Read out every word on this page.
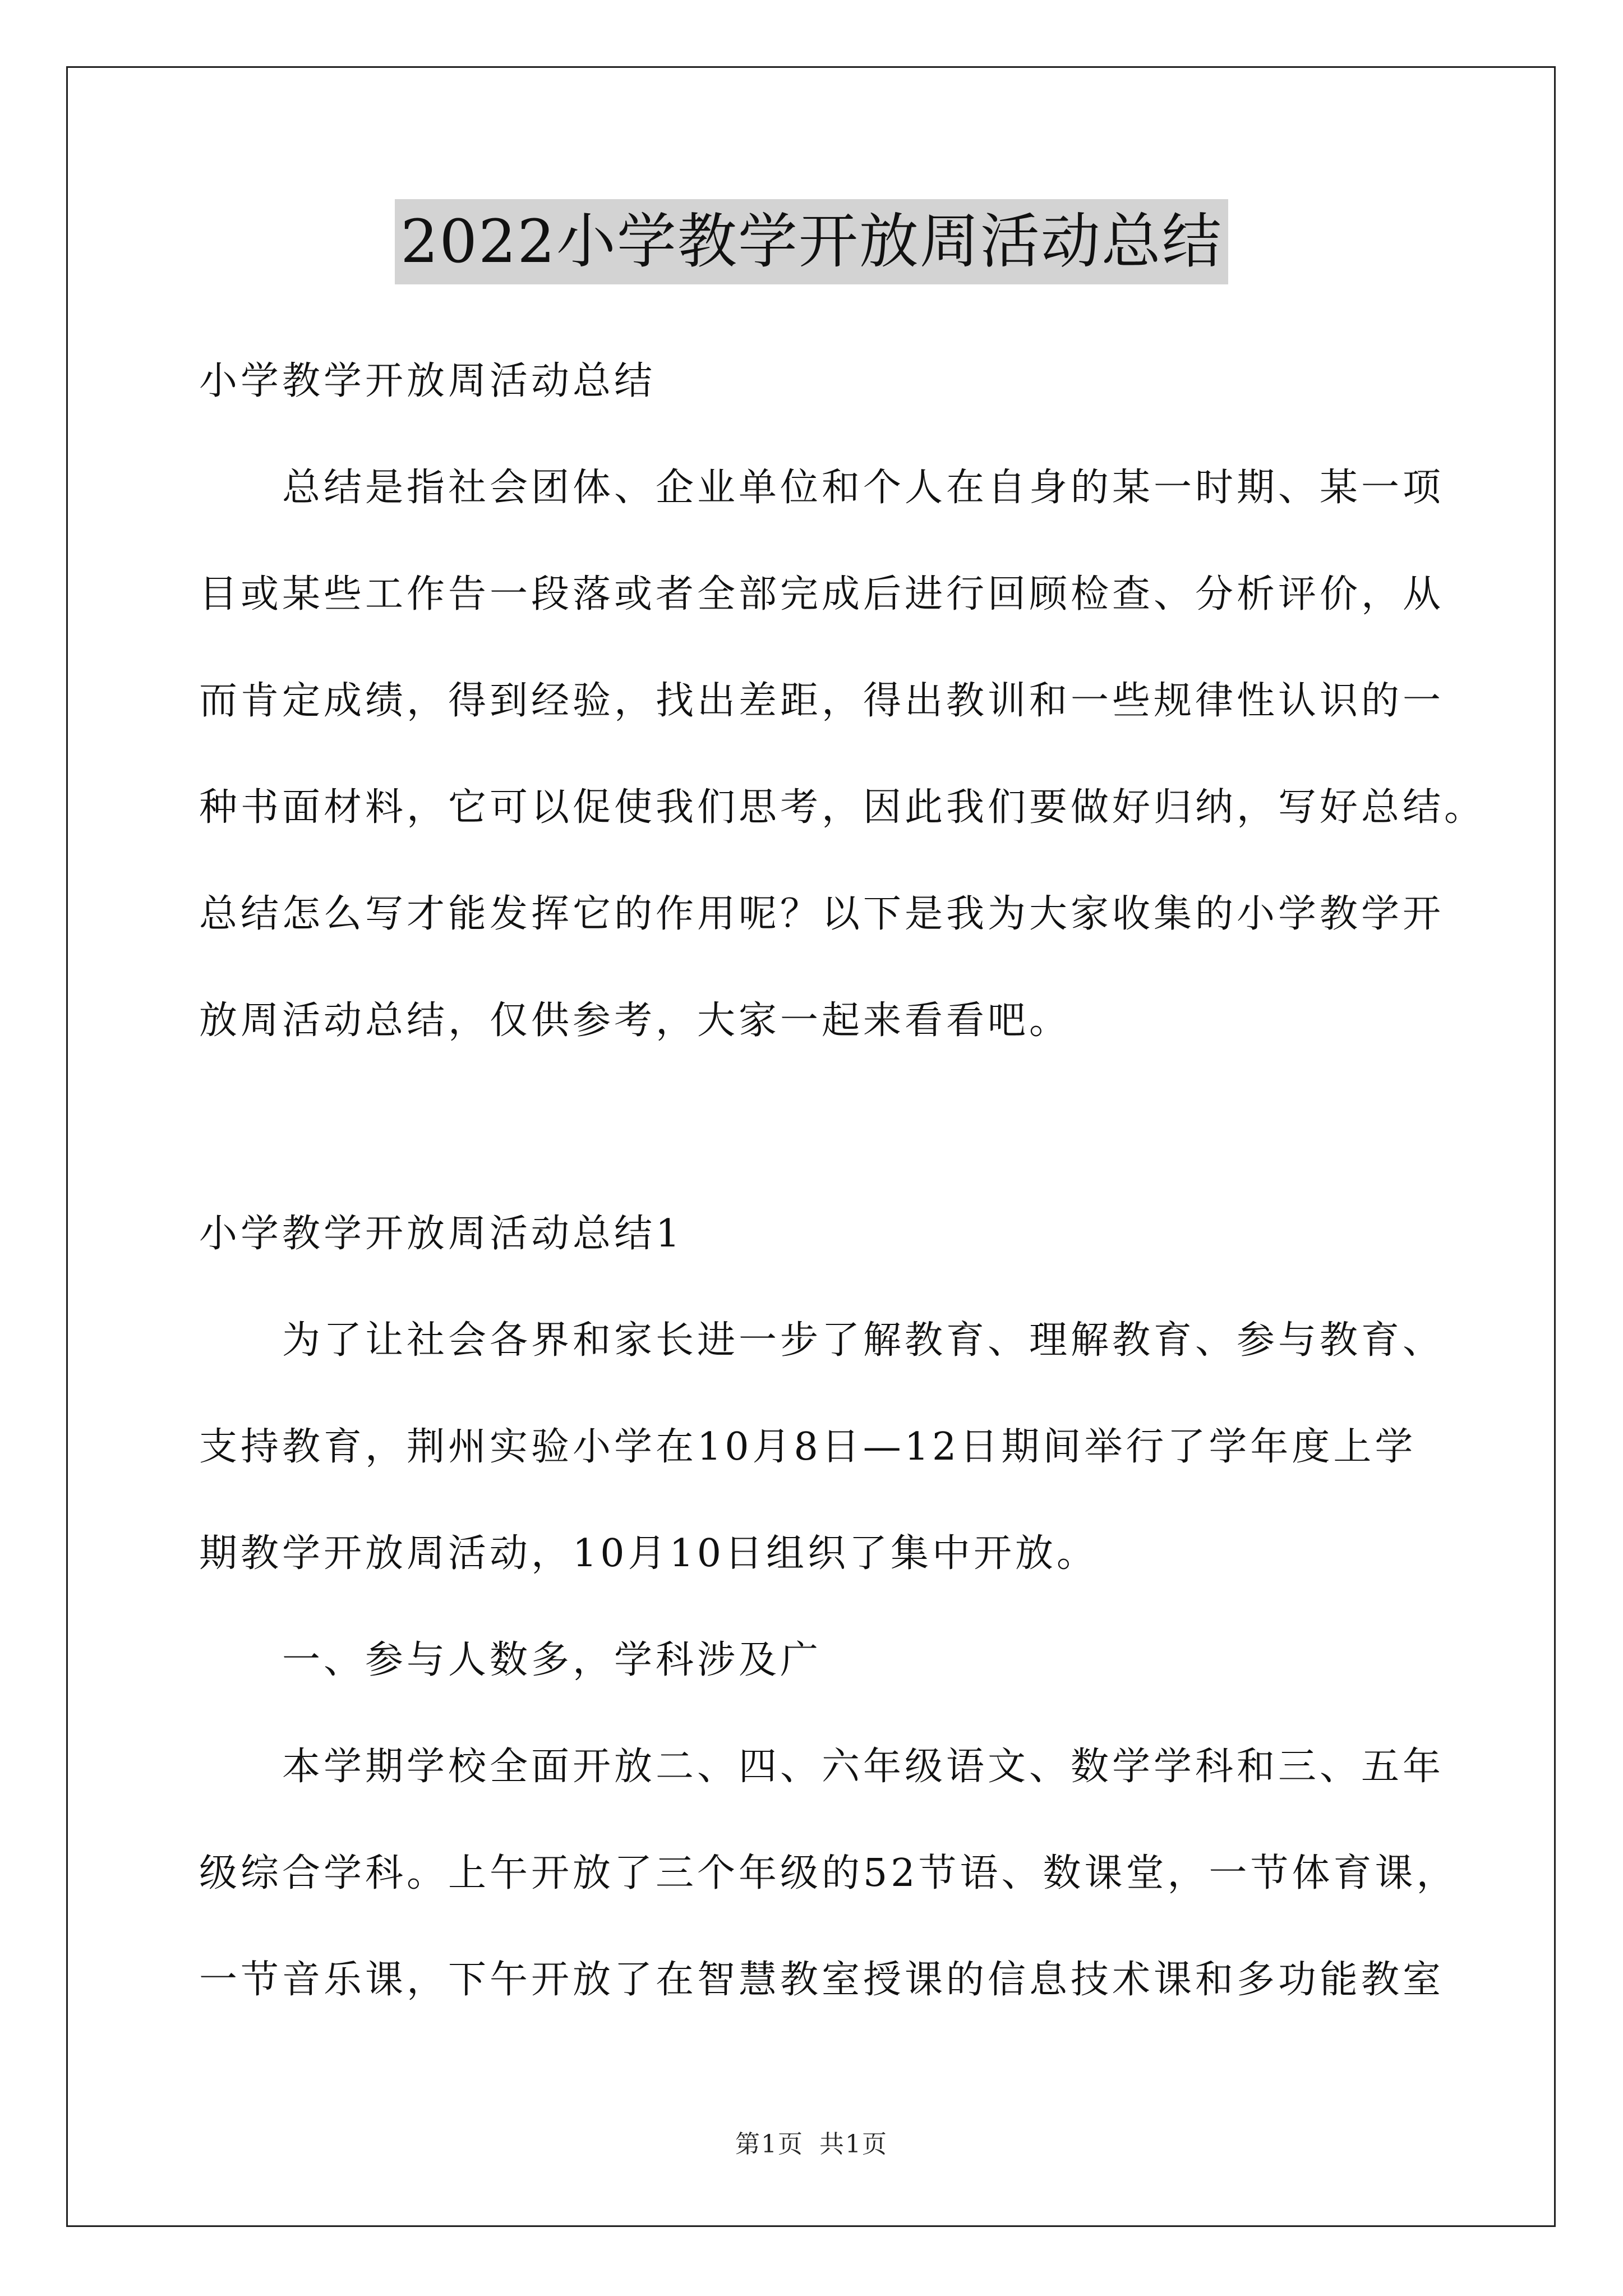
2022小学教学开放周活动总结
小学教学开放周活动总结
　　总结是指社会团体、企业单位和个人在自身的某一时期、某一项
目或某些工作告一段落或者全部完成后进行回顾检查、分析评价，从
而肯定成绩，得到经验，找出差距，得出教训和一些规律性认识的一
种书面材料，它可以促使我们思考，因此我们要做好归纳，写好总结。
总结怎么写才能发挥它的作用呢？以下是我为大家收集的小学教学开
放周活动总结，仅供参考，大家一起来看看吧。
小学教学开放周活动总结1
　　为了让社会各界和家长进一步了解教育、理解教育、参与教育、
支持教育，荆州实验小学在10月8日—12日期间举行了学年度上学
期教学开放周活动，10月10日组织了集中开放。
　　一、参与人数多，学科涉及广
　　本学期学校全面开放二、四、六年级语文、数学学科和三、五年
级综合学科。上午开放了三个年级的52节语、数课堂，一节体育课，
一节音乐课，下午开放了在智慧教室授课的信息技术课和多功能教室
第1页 共1页
